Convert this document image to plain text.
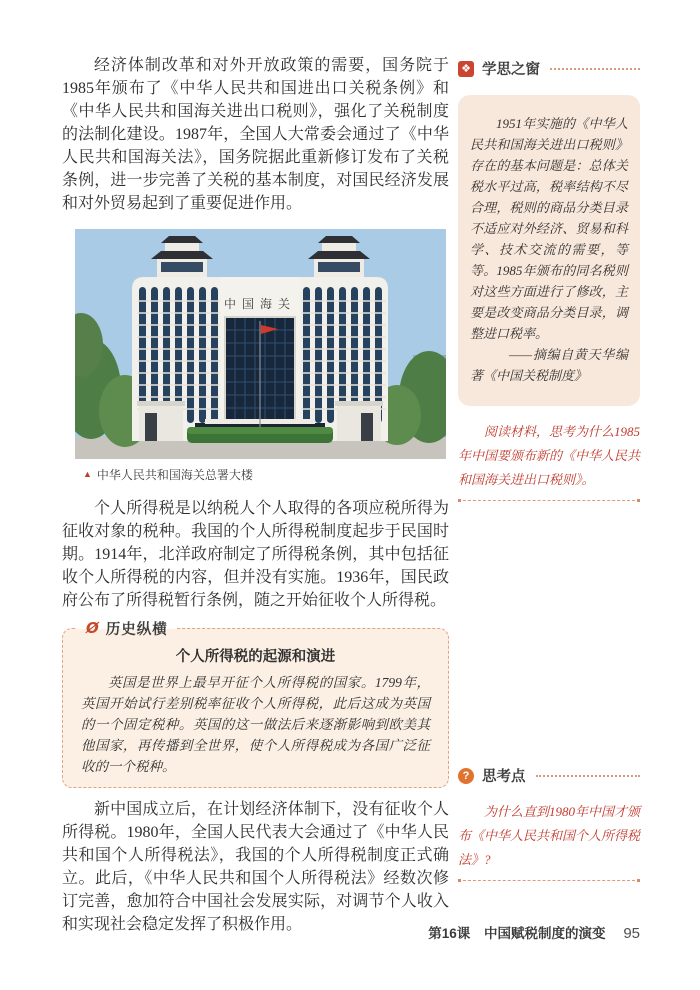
经济体制改革和对外开放政策的需要，国务院于1985年颁布了《中华人民共和国进出口关税条例》和《中华人民共和国海关进出口税则》，强化了关税制度的法制化建设。1987年，全国人大常委会通过了《中华人民共和国海关法》，国务院据此重新修订发布了关税条例，进一步完善了关税的基本制度，对国民经济发展和对外贸易起到了重要促进作用。

中国海关
▲ 中华人民共和国海关总署大楼

个人所得税是以纳税人个人取得的各项应税所得为征收对象的税种。我国的个人所得税制度起步于民国时期。1914年，北洋政府制定了所得税条例，其中包括征收个人所得税的内容，但并没有实施。1936年，国民政府公布了所得税暂行条例，随之开始征收个人所得税。

Ø 历史纵横

个人所得税的起源和演进

英国是世界上最早开征个人所得税的国家。1799年，英国开始试行差别税率征收个人所得税，此后这成为英国的一个固定税种。英国的这一做法后来逐渐影响到欧美其他国家，再传播到全世界，使个人所得税成为各国广泛征收的一个税种。

新中国成立后，在计划经济体制下，没有征收个人所得税。1980年，全国人民代表大会通过了《中华人民共和国个人所得税法》，我国的个人所得税制度正式确立。此后，《中华人民共和国个人所得税法》经数次修订完善，愈加符合中国社会发展实际，对调节个人收入和实现社会稳定发挥了积极作用。

❖ 学思之窗

1951年实施的《中华人民共和国海关进出口税则》存在的基本问题是：总体关税水平过高，税率结构不尽合理，税则的商品分类目录不适应对外经济、贸易和科学、技术交流的需要，等等。1985年颁布的同名税则对这些方面进行了修改，主要是改变商品分类目录，调整进口税率。

——摘编自黄天华编著《中国关税制度》

阅读材料，思考为什么1985年中国要颁布新的《中华人民共和国海关进出口税则》。

? 思考点

为什么直到1980年中国才颁布《中华人民共和国个人所得税法》?

第16课 中国赋税制度的演变 95
